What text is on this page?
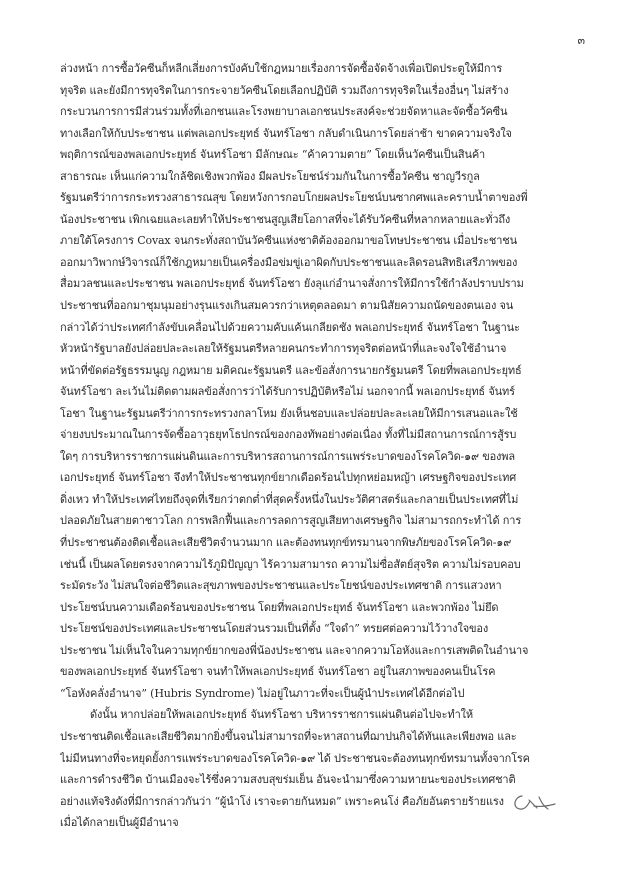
๓
ล่วงหน้า การซื้อวัคซีนก็หลีกเลี่ยงการบังคับใช้กฎหมายเรื่องการจัดซื้อจัดจ้างเพื่อเปิดประตูให้มีการ
ทุจริต และยังมีการทุจริตในการกระจายวัคซีนโดยเลือกปฏิบัติ รวมถึงการทุจริตในเรื่องอื่นๆ ไม่สร้าง
กระบวนการการมีส่วนร่วมทั้งที่เอกชนและโรงพยาบาลเอกชนประสงค์จะช่วยจัดหาและจัดซื้อวัคซีน
ทางเลือกให้กับประชาชน แต่พลเอกประยุทธ์ จันทร์โอชา กลับดำเนินการโดยล่าช้า ขาดความจริงใจ
พฤติการณ์ของพลเอกประยุทธ์ จันทร์โอชา มีลักษณะ “ค้าความตาย” โดยเห็นวัคซีนเป็นสินค้า
สาธารณะ เห็นแก่ความใกล้ชิดเชิงพวกพ้อง มีผลประโยชน์ร่วมกันในการซื้อวัคซีน ชาญวีรกูล
รัฐมนตรีว่าการกระทรวงสาธารณสุข โดยหวังการกอบโกยผลประโยชน์บนซากศพและคราบน้ำตาของพี่
น้องประชาชน เพิกเฉยและเลยทำให้ประชาชนสูญเสียโอกาสที่จะได้รับวัคซีนที่หลากหลายและทั่วถึง
ภายใต้โครงการ Covax จนกระทั่งสถาบันวัคซีนแห่งชาติต้องออกมาขอโทษประชาชน เมื่อประชาชน
ออกมาวิพากษ์วิจารณ์ก็ใช้กฎหมายเป็นเครื่องมือข่มขู่เอาผิดกับประชาชนและลิดรอนสิทธิเสรีภาพของ
สื่อมวลชนและประชาชน พลเอกประยุทธ์ จันทร์โอชา ยังลุแก่อำนาจสั่งการให้มีการใช้กำลังปราบปราม
ประชาชนที่ออกมาชุมนุมอย่างรุนแรงเกินสมควรกว่าเหตุตลอดมา ตามนิสัยความถนัดของตนเอง จน
กล่าวได้ว่าประเทศกำลังขับเคลื่อนไปด้วยความคับแค้นเกลียดชัง พลเอกประยุทธ์ จันทร์โอชา ในฐานะ
หัวหน้ารัฐบาลยังปล่อยปละละเลยให้รัฐมนตรีหลายคนกระทำการทุจริตต่อหน้าที่และจงใจใช้อำนาจ
หน้าที่ขัดต่อรัฐธรรมนูญ กฎหมาย มติคณะรัฐมนตรี และข้อสั่งการนายกรัฐมนตรี โดยที่พลเอกประยุทธ์
จันทร์โอชา ละเว้นไม่ติดตามผลข้อสั่งการว่าได้รับการปฏิบัติหรือไม่ นอกจากนี้ พลเอกประยุทธ์ จันทร์
โอชา ในฐานะรัฐมนตรีว่าการกระทรวงกลาโหม ยังเห็นชอบและปล่อยปละละเลยให้มีการเสนอและใช้
จ่ายงบประมาณในการจัดซื้ออาวุธยุทโธปกรณ์ของกองทัพอย่างต่อเนื่อง ทั้งที่ไม่มีสถานการณ์การสู้รบ
ใดๆ การบริหารราชการแผ่นดินและการบริหารสถานการณ์การแพร่ระบาดของโรคโควิด-๑๙ ของพล
เอกประยุทธ์ จันทร์โอชา จึงทำให้ประชาชนทุกข์ยากเดือดร้อนไปทุกหย่อมหญ้า เศรษฐกิจของประเทศ
ดิ่งเหว ทำให้ประเทศไทยถึงจุดที่เรียกว่าตกต่ำที่สุดครั้งหนึ่งในประวัติศาสตร์และกลายเป็นประเทศที่ไม่
ปลอดภัยในสายตาชาวโลก การพลิกฟื้นและการลดการสูญเสียทางเศรษฐกิจ ไม่สามารถกระทำได้ การ
ที่ประชาชนต้องติดเชื้อและเสียชีวิตจำนวนมาก และต้องทนทุกข์ทรมานจากพิษภัยของโรคโควิด-๑๙
เช่นนี้ เป็นผลโดยตรงจากความไร้ภูมิปัญญา ไร้ความสามารถ ความไม่ซื่อสัตย์สุจริต ความไม่รอบคอบ
ระมัดระวัง ไม่สนใจต่อชีวิตและสุขภาพของประชาชนและประโยชน์ของประเทศชาติ การแสวงหา
ประโยชน์บนความเดือดร้อนของประชาชน โดยที่พลเอกประยุทธ์ จันทร์โอชา และพวกพ้อง ไม่ยึด
ประโยชน์ของประเทศและประชาชนโดยส่วนรวมเป็นที่ตั้ง “ใจดำ” ทรยศต่อความไว้วางใจของ
ประชาชน ไม่เห็นใจในความทุกข์ยากของพี่น้องประชาชน และจากความโอหังและการเสพติดในอำนาจ
ของพลเอกประยุทธ์ จันทร์โอชา จนทำให้พลเอกประยุทธ์ จันทร์โอชา อยู่ในสภาพของคนเป็นโรค
“โอหังคลั่งอำนาจ” (Hubris Syndrome) ไม่อยู่ในภาวะที่จะเป็นผู้นำประเทศได้อีกต่อไป
ดังนั้น หากปล่อยให้พลเอกประยุทธ์ จันทร์โอชา บริหารราชการแผ่นดินต่อไปจะทำให้
ประชาชนติดเชื้อและเสียชีวิตมากยิ่งขึ้นจนไม่สามารถที่จะหาสถานที่ฌาปนกิจได้ทันและเพียงพอ และ
ไม่มีหนทางที่จะหยุดยั้งการแพร่ระบาดของโรคโควิด-๑๙ ได้ ประชาชนจะต้องทนทุกข์ทรมานทั้งจากโรค
และการดำรงชีวิต บ้านเมืองจะไร้ซึ่งความสงบสุขร่มเย็น อันจะนำมาซึ่งความหายนะของประเทศชาติ
อย่างแท้จริงดังที่มีการกล่าวกันว่า “ผู้นำโง่ เราจะตายกันหมด” เพราะคนโง่ คือภัยอันตรายร้ายแรง
เมื่อได้กลายเป็นผู้มีอำนาจ
